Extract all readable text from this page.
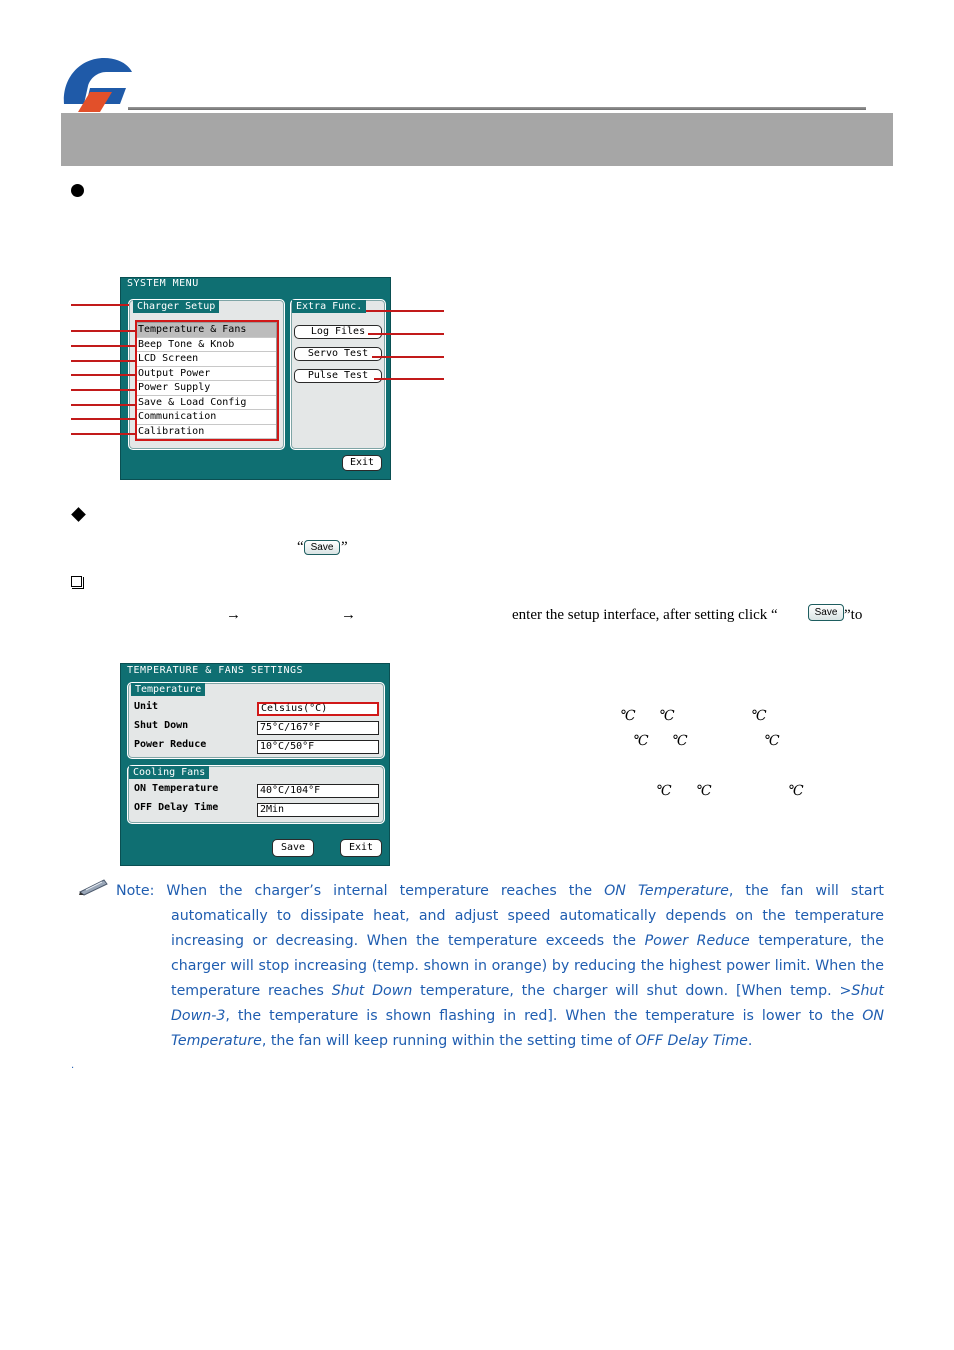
SYSTEM MENU
Charger Setup
Temperature & Fans
Beep Tone & Knob
LCD Screen
Output Power
Power Supply
Save & Load Config
Communication
Calibration
Extra Func.
Log Files
Servo Test
Pulse Test
Exit
“ Save ”
→	→	enter the setup interface, after setting click “	Save ”to
TEMPERATURE & FANS SETTINGS
Temperature
Unit	Celsius(°C)
Shut Down	75°C/167°F
Power Reduce	10°C/50°F
Cooling Fans
ON Temperature	40°C/104°F
OFF Delay Time	2Min
Save	Exit
℃ ℃	℃
℃ ℃	℃
℃ ℃	℃
Note: When the charger’s internal temperature reaches the ON Temperature, the fan will start automatically to dissipate heat, and adjust speed automatically depends on the temperature increasing or decreasing. When the temperature exceeds the Power Reduce temperature, the charger will stop increasing (temp. shown in orange) by reducing the highest power limit. When the temperature reaches Shut Down temperature, the charger will shut down. [When temp. >Shut Down-3, the temperature is shown flashing in red]. When the temperature is lower to the ON Temperature, the fan will keep running within the setting time of OFF Delay Time.
.
